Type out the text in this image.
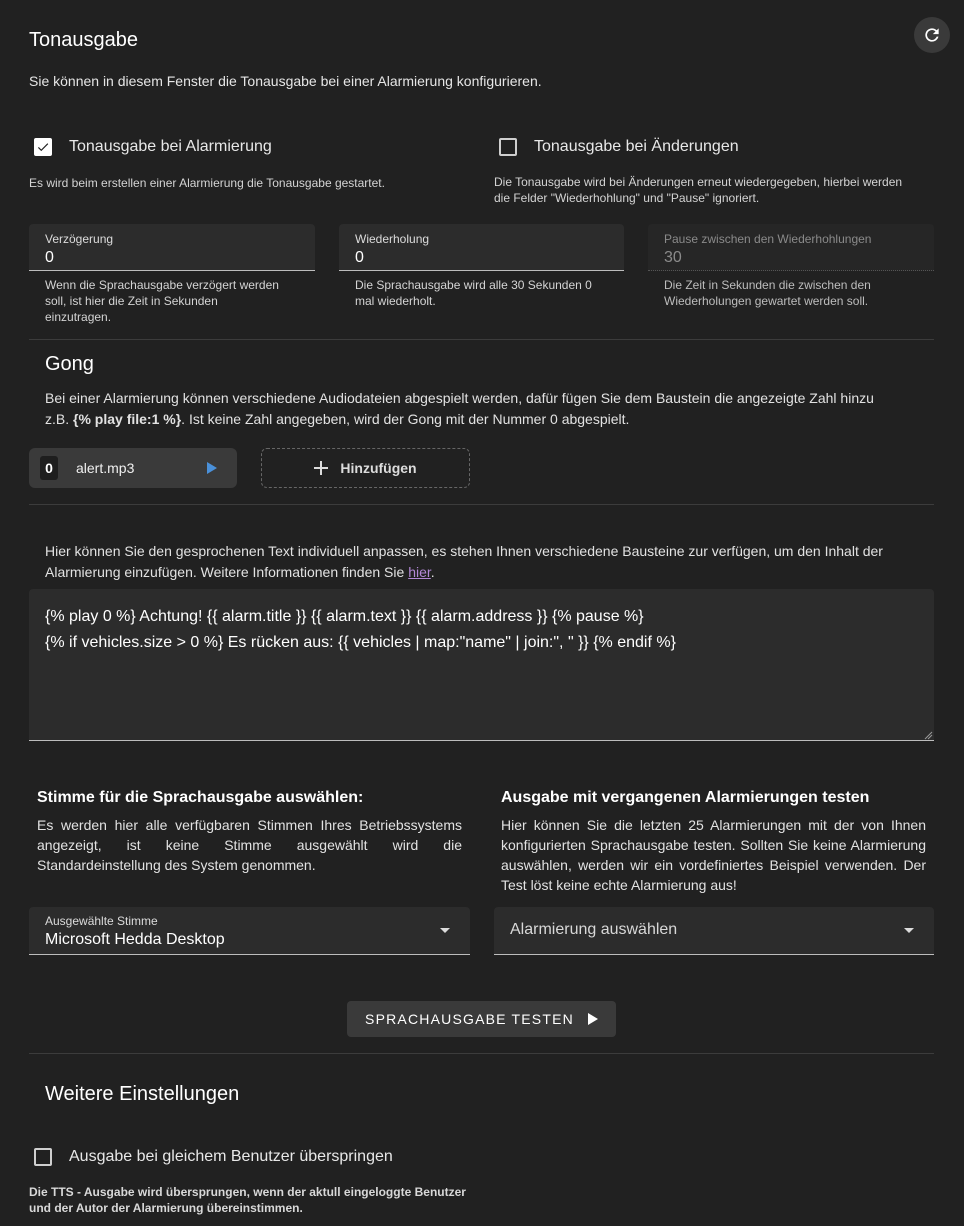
Tonausgabe
Sie können in diesem Fenster die Tonausgabe bei einer Alarmierung konfigurieren.
Tonausgabe bei Alarmierung
Es wird beim erstellen einer Alarmierung die Tonausgabe gestartet.
Tonausgabe bei Änderungen
Die Tonausgabe wird bei Änderungen erneut wiedergegeben, hierbei werden
die Felder "Wiederhohlung" und "Pause" ignoriert.
Verzögerung
0
Wenn die Sprachausgabe verzögert werden
soll, ist hier die Zeit in Sekunden
einzutragen.
Wiederholung
0
Die Sprachausgabe wird alle 30 Sekunden 0
mal wiederholt.
Pause zwischen den Wiederhohlungen
30
Die Zeit in Sekunden die zwischen den
Wiederholungen gewartet werden soll.
Gong
Bei einer Alarmierung können verschiedene Audiodateien abgespielt werden, dafür fügen Sie dem Baustein die angezeigte Zahl hinzu
z.B. {% play file:1 %}. Ist keine Zahl angegeben, wird der Gong mit der Nummer 0 abgespielt.
0	alert.mp3	Hinzufügen
Hier können Sie den gesprochenen Text individuell anpassen, es stehen Ihnen verschiedene Bausteine zur verfügen, um den Inhalt der
Alarmierung einzufügen. Weitere Informationen finden Sie hier.
{% play 0 %} Achtung! {{ alarm.title }} {{ alarm.text }} {{ alarm.address }} {% pause %}
{% if vehicles.size > 0 %} Es rücken aus: {{ vehicles | map:"name" | join:", " }} {% endif %}
Stimme für die Sprachausgabe auswählen:
Es werden hier alle verfügbaren Stimmen Ihres Betriebssystems angezeigt, ist keine Stimme ausgewählt wird die Standardeinstellung des System genommen.
Ausgewählte Stimme
Microsoft Hedda Desktop
Ausgabe mit vergangenen Alarmierungen testen
Hier können Sie die letzten 25 Alarmierungen mit der von Ihnen konfigurierten Sprachausgabe testen. Sollten Sie keine Alarmierung auswählen, werden wir ein vordefiniertes Beispiel verwenden. Der Test löst keine echte Alarmierung aus!
Alarmierung auswählen
SPRACHAUSGABE TESTEN
Weitere Einstellungen
Ausgabe bei gleichem Benutzer überspringen
Die TTS - Ausgabe wird übersprungen, wenn der aktull eingeloggte Benutzer
und der Autor der Alarmierung übereinstimmen.
